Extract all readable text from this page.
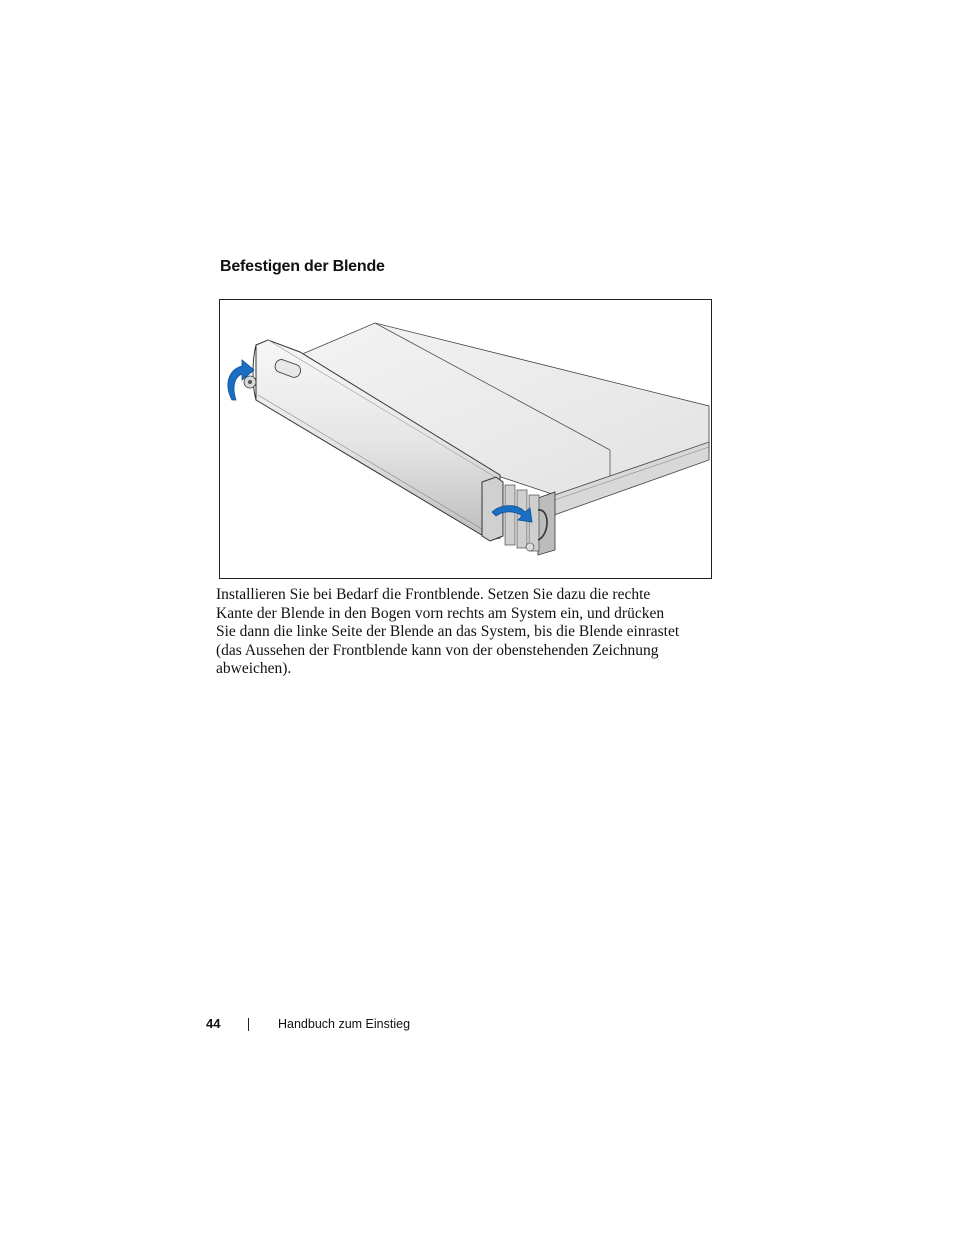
Befestigen der Blende
Installieren Sie bei Bedarf die Frontblende. Setzen Sie dazu die rechte
Kante der Blende in den Bogen vorn rechts am System ein, und drücken
Sie dann die linke Seite der Blende an das System, bis die Blende einrastet
(das Aussehen der Frontblende kann von der obenstehenden Zeichnung
abweichen).
44	Handbuch zum Einstieg
